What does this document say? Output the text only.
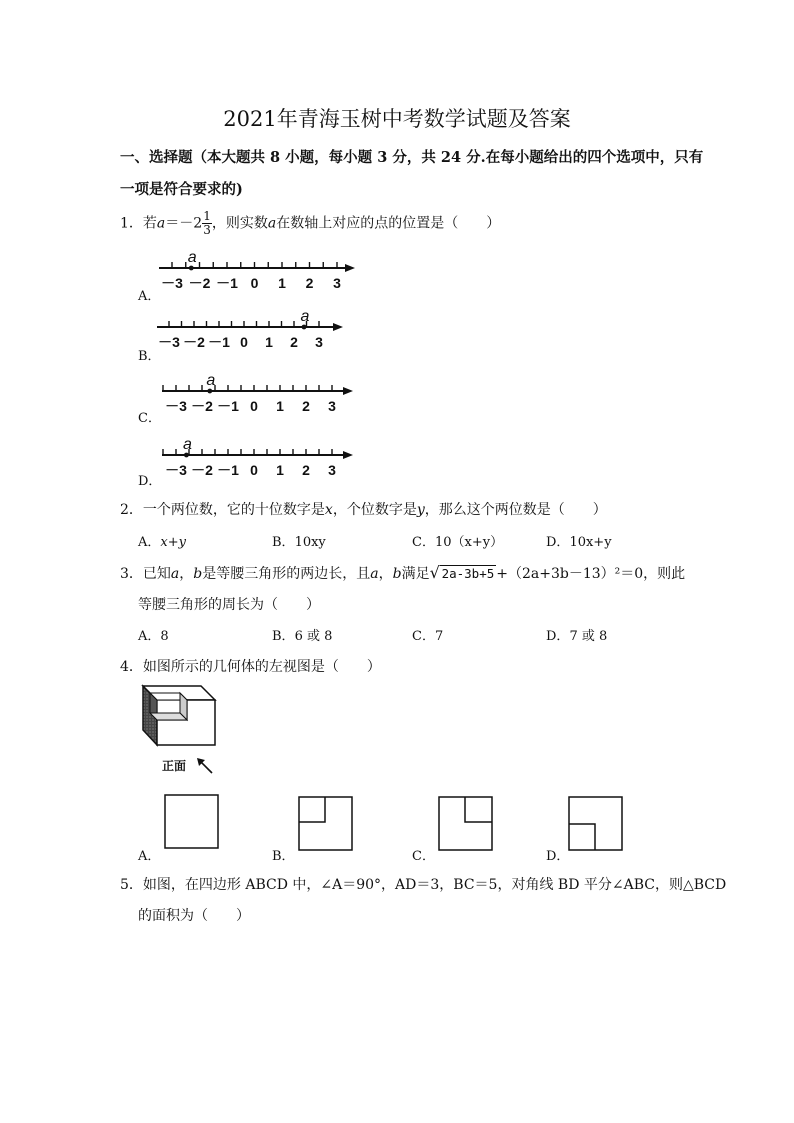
2021年青海玉树中考数学试题及答案
一、选择题（本大题共 8 小题，每小题 3 分，共 24 分.在每小题给出的四个选项中，只有
一项是符合要求的)
1．若$a=-2 \frac{1}{3}$ ，则实数a在数轴上对应的点的位置是（　　）
A．
－3 －2 －1 0 1 2 3
a
B．
－3 －2 －1 0 1 2 3
a
C．
－3 －2 －1 0 1 2 3
a
D．
－3 －2 －1 0 1 2 3
a
2．一个两位数，它的十位数字是x，个位数字是y，那么这个两位数是（　　）
A．x+y	B．10xy	C．10（x+y）	D．10x+y
3．已知a，b是等腰三角形的两边长，且a，b满足 √ 2a-3b+5 +（2a+3b－13）²＝0，则此
等腰三角形的周长为（　　）
A．8	B．6 或 8	C．7	D．7 或 8
4．如图所示的几何体的左视图是（　　）
正面
A．	B．	C．	D．
5．如图，在四边形 ABCD 中，∠A＝90°，AD＝3，BC＝5，对角线 BD 平分∠ABC，则△BCD
的面积为（　　）
